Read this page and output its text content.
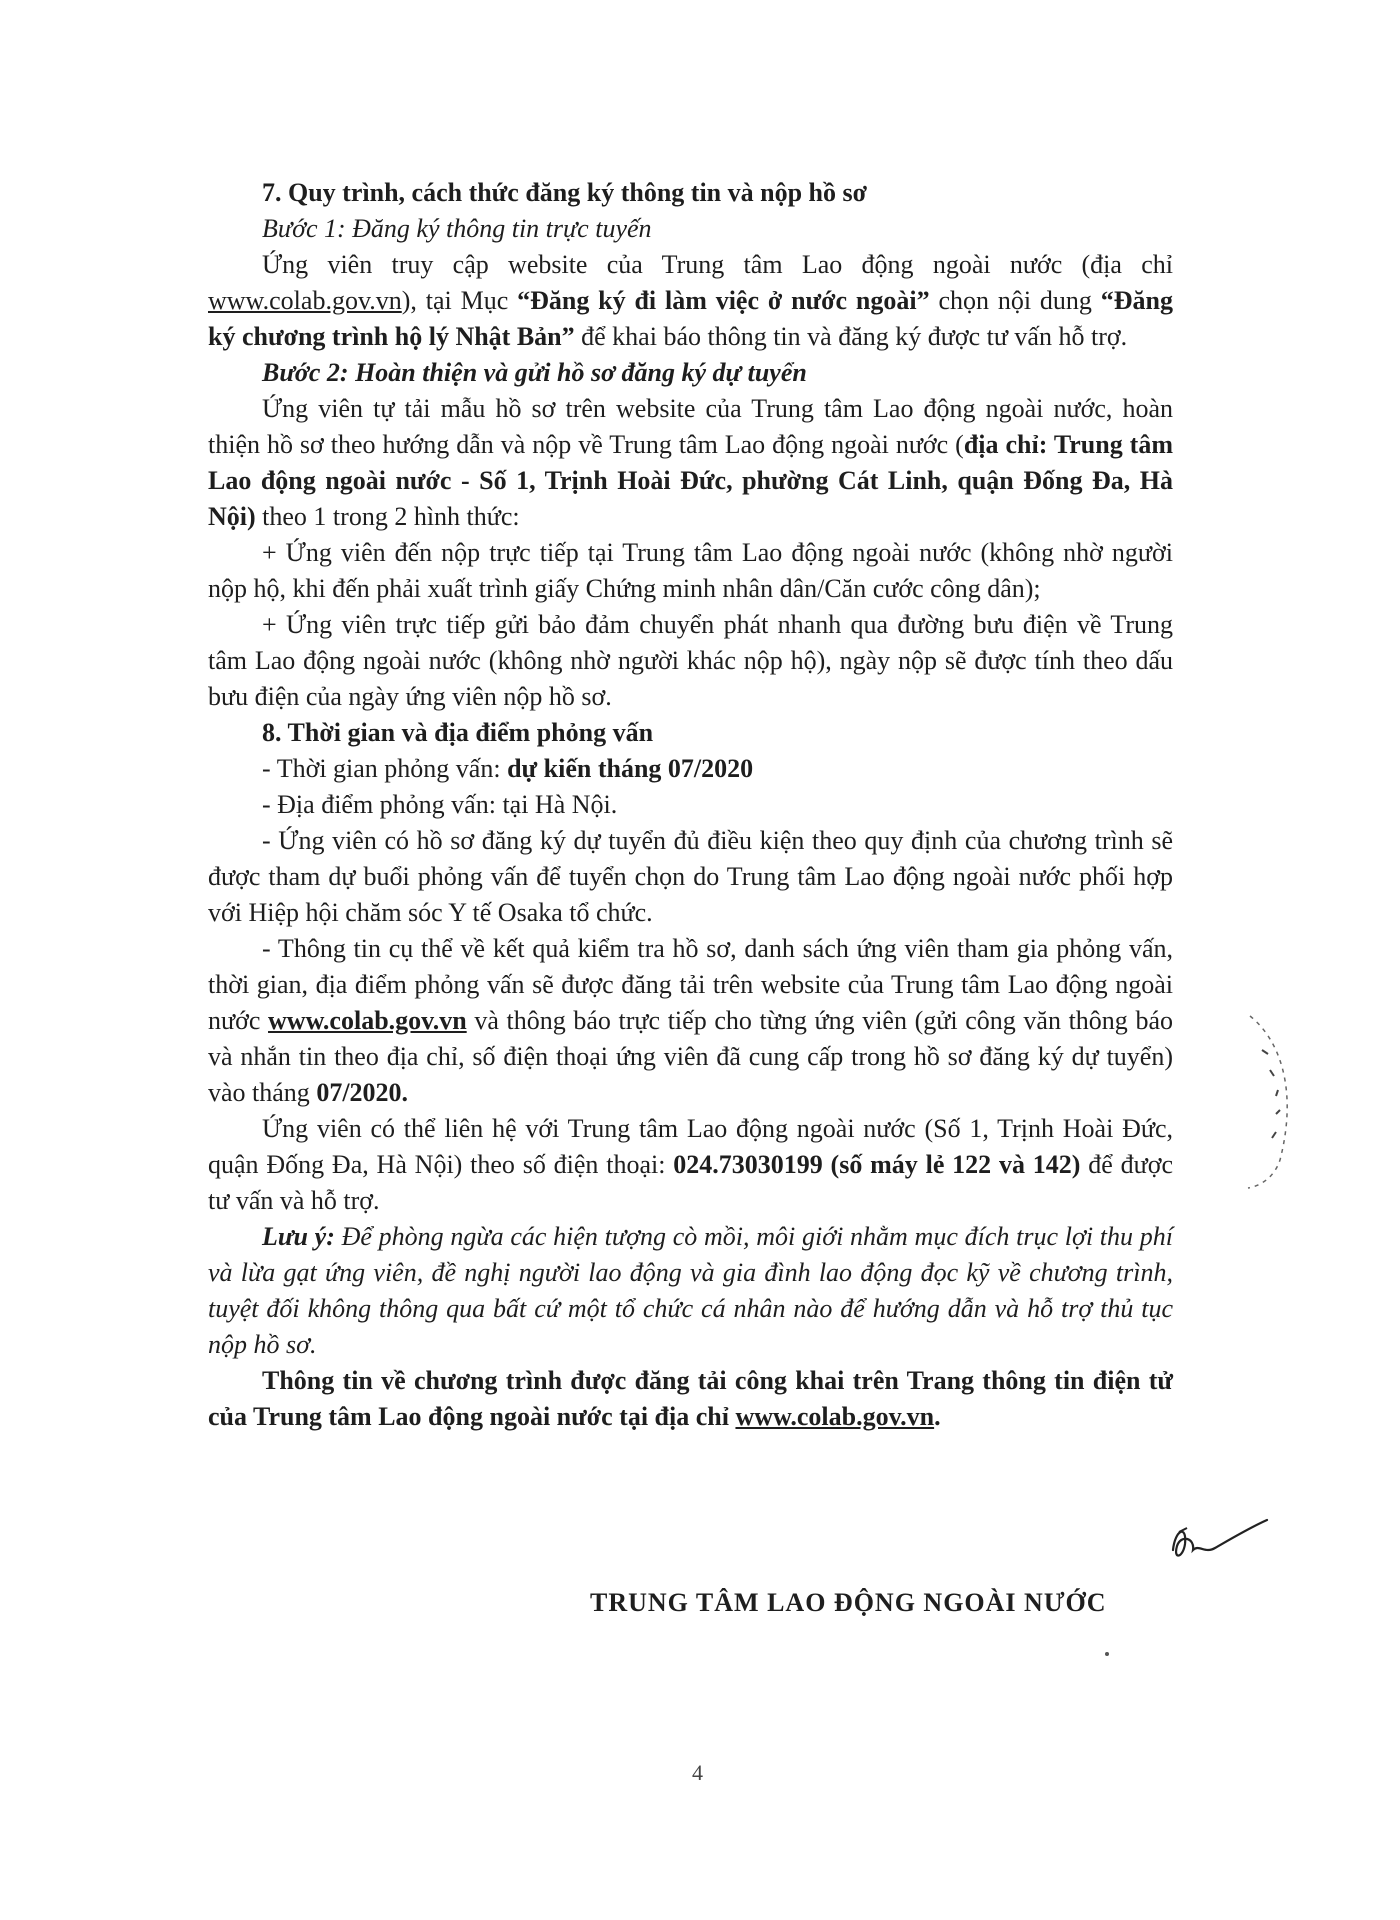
7. Quy trình, cách thức đăng ký thông tin và nộp hồ sơ

Bước 1: Đăng ký thông tin trực tuyến

Ứng viên truy cập website của Trung tâm Lao động ngoài nước (địa chỉ www.colab.gov.vn), tại Mục “Đăng ký đi làm việc ở nước ngoài” chọn nội dung “Đăng ký chương trình hộ lý Nhật Bản” để khai báo thông tin và đăng ký được tư vấn hỗ trợ.

Bước 2: Hoàn thiện và gửi hồ sơ đăng ký dự tuyển

Ứng viên tự tải mẫu hồ sơ trên website của Trung tâm Lao động ngoài nước, hoàn thiện hồ sơ theo hướng dẫn và nộp về Trung tâm Lao động ngoài nước (địa chỉ: Trung tâm Lao động ngoài nước - Số 1, Trịnh Hoài Đức, phường Cát Linh, quận Đống Đa, Hà Nội) theo 1 trong 2 hình thức:

+ Ứng viên đến nộp trực tiếp tại Trung tâm Lao động ngoài nước (không nhờ người nộp hộ, khi đến phải xuất trình giấy Chứng minh nhân dân/Căn cước công dân);

+ Ứng viên trực tiếp gửi bảo đảm chuyển phát nhanh qua đường bưu điện về Trung tâm Lao động ngoài nước (không nhờ người khác nộp hộ), ngày nộp sẽ được tính theo dấu bưu điện của ngày ứng viên nộp hồ sơ.

8. Thời gian và địa điểm phỏng vấn

- Thời gian phỏng vấn: dự kiến tháng 07/2020

- Địa điểm phỏng vấn: tại Hà Nội.

- Ứng viên có hồ sơ đăng ký dự tuyển đủ điều kiện theo quy định của chương trình sẽ được tham dự buổi phỏng vấn để tuyển chọn do Trung tâm Lao động ngoài nước phối hợp với Hiệp hội chăm sóc Y tế Osaka tổ chức.

- Thông tin cụ thể về kết quả kiểm tra hồ sơ, danh sách ứng viên tham gia phỏng vấn, thời gian, địa điểm phỏng vấn sẽ được đăng tải trên website của Trung tâm Lao động ngoài nước www.colab.gov.vn và thông báo trực tiếp cho từng ứng viên (gửi công văn thông báo và nhắn tin theo địa chỉ, số điện thoại ứng viên đã cung cấp trong hồ sơ đăng ký dự tuyển) vào tháng 07/2020.

Ứng viên có thể liên hệ với Trung tâm Lao động ngoài nước (Số 1, Trịnh Hoài Đức, quận Đống Đa, Hà Nội) theo số điện thoại: 024.73030199 (số máy lẻ 122 và 142) để được tư vấn và hỗ trợ.

Lưu ý: Để phòng ngừa các hiện tượng cò mồi, môi giới nhằm mục đích trục lợi thu phí và lừa gạt ứng viên, đề nghị người lao động và gia đình lao động đọc kỹ về chương trình, tuyệt đối không thông qua bất cứ một tổ chức cá nhân nào để hướng dẫn và hỗ trợ thủ tục nộp hồ sơ.

Thông tin về chương trình được đăng tải công khai trên Trang thông tin điện tử của Trung tâm Lao động ngoài nước tại địa chỉ www.colab.gov.vn.

TRUNG TÂM LAO ĐỘNG NGOÀI NƯỚC
4
